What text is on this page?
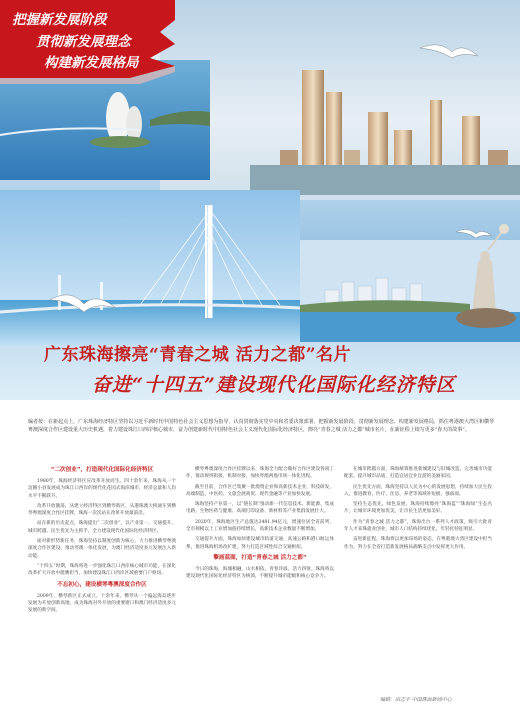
把握新发展阶段
贯彻新发展理念
构建新发展格局
广东珠海擦亮“青春之城 活力之都”名片
奋进“十四五”建设现代化国际化经济特区
编者按：在新起点上，广东珠海经济特区坚持以习近平新时代中国特色社会主义思想为指导，认真贯彻落实党中央和省委决策部署，把握新发展阶段、贯彻新发展理念、构建新发展格局，抓住粤港澳大湾区和横琴粤澳深度合作区建设重大历史机遇，着力建设珠江口西岸核心城市，奋力创建新时代中国特色社会主义现代化国际化经济特区，擦亮“青春之城 活力之都”城市名片，在新征程上续写更多“春天的故事”。
“二次创业”，打造现代化国际化经济特区

1980年，珠海经济特区应改革开放而生。四十余年来，珠海从一个边陲小县发展成为珠江口西岸的现代化花园式海滨城市，经济总量和人均水平不断跃升。

改革开放激荡，从建立经济特区到横琴新区、从港珠澳大桥通车到横琴粤澳深度合作区挂牌，珠海一次次站在改革开放最前沿。

站在新的历史起点，珠海提出“二次创业”，以产业第一、交通提升、城市跨越、民生优先为主抓手，全力建设现代化国际化经济特区。

面对新形势新任务，珠海坚持以制度创新为核心，大力推进横琴粤澳深度合作区建设，推动琴澳一体化发展，为澳门经济适度多元发展注入新动能。

“十四五”时期，珠海将进一步强化珠江口西岸核心城市功能，在深化改革扩大开放中挺膺担当，加快建设珠江口西岸区域重要门户枢纽。

不忘初心，建设横琴粤澳深度合作区

2009年，横琴新区正式成立。十余年来，横琴从一个偏远海岛逐步发展为开放创新高地，成为珠海对外开放的重要窗口和澳门经济适度多元发展的新空间。

横琴粤澳深度合作区挂牌以来，珠海全力配合做好合作区建设各项工作，推动规则衔接、机制对接，加快琴澳两地市场一体化进程。

截至目前，合作区已集聚一批澳资企业和高新技术企业，科技研发、高端制造、中医药、文旅会展商贸、现代金融等产业加快发展。

珠海坚持产业第一，以“链长制”推动新一代信息技术、新能源、集成电路、生物医药与健康、高端打印设备、新材料等产业集群发展壮大。

2020年，珠海地区生产总值达3481.94亿元，增速位居全省前列，全市规模以上工业增加值持续增长，高新技术企业数量不断增加。

交通提升方面，珠海加快建设城市轨道交通、高速公路和港口航运体系，推进珠海机场改扩建，努力打造区域性综合交通枢纽。

擎画蓝图，打造“青春之城 活力之都”

今日的珠海，海城相融，山水相依，青春洋溢、活力四射。珠海将以建设现代化国际化经济特区为统领，不断提升城市能级和核心竞争力。

在城市跨越方面，珠海统筹推进新城建设与旧城改造，完善城市功能配套，提升城市品质，打造宜居宜业宜游的美丽家园。

民生优先方面，珠海坚持以人民为中心的发展思想，持续加大民生投入，推进教育、医疗、住房、养老等领域补短板、强弱项。

坚持生态优先、绿色发展，珠海持续擦亮“珠海蓝”“珠海绿”生态名片，让城市环境更加优美，让市民生活更加美好。

作为“青春之城 活力之都”，珠海出台一系列人才政策，吸引大批青年人才来珠就业创业，城市人口结构持续优化，年轻化特征明显。

奋进新征程，珠海将以更加昂扬的姿态，在粤港澳大湾区建设中担当作为，努力在全省打造新发展格局战略支点中发挥更大作用。

编辑：田志平 中国珠海新闻中心
